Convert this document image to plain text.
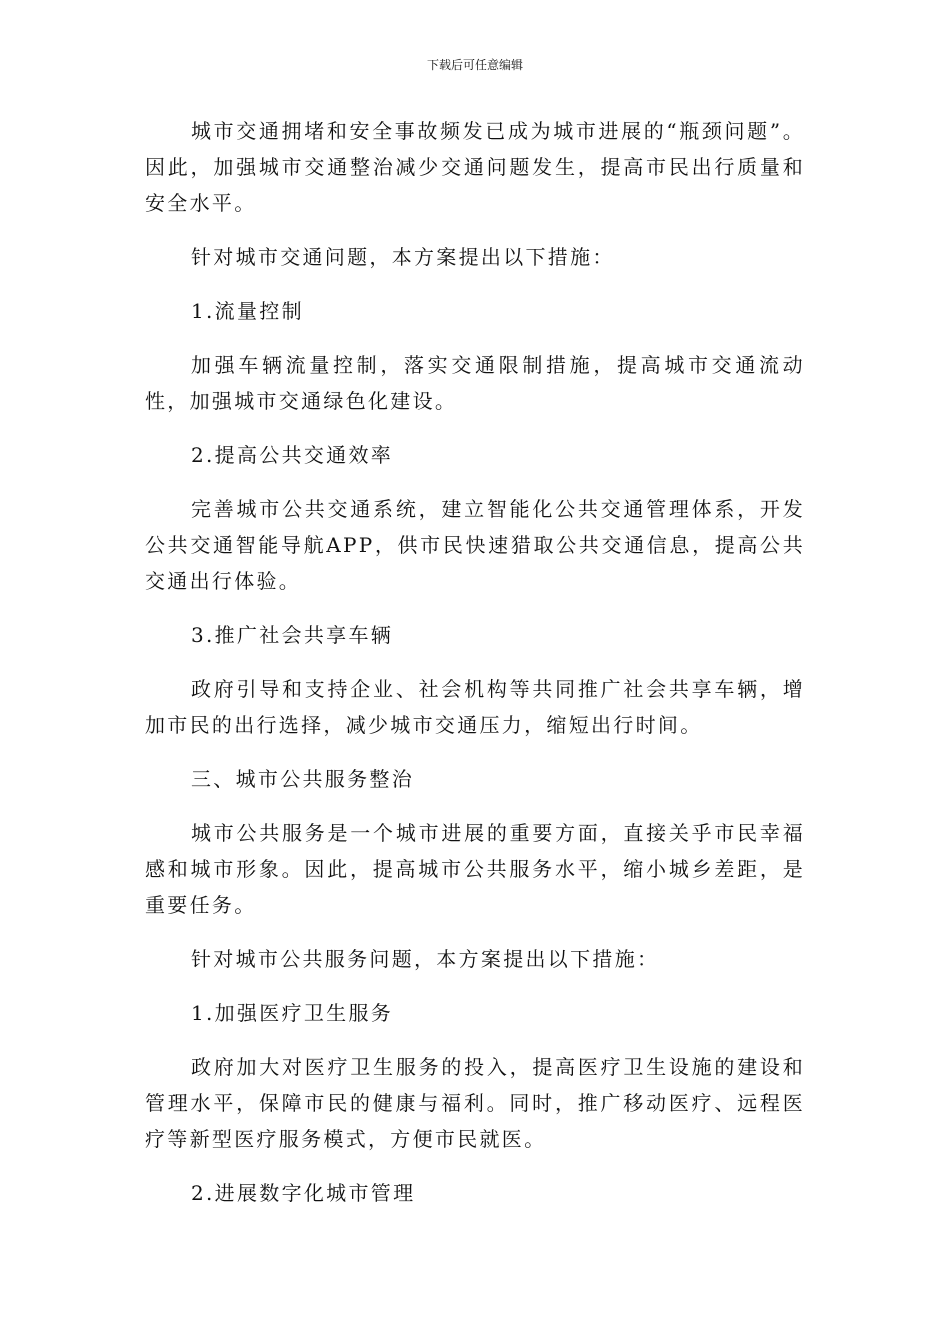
下载后可任意编辑

城市交通拥堵和安全事故频发已成为城市进展的“瓶颈问题”。因此，加强城市交通整治减少交通问题发生，提高市民出行质量和安全水平。

针对城市交通问题，本方案提出以下措施：

1.流量控制

加强车辆流量控制，落实交通限制措施，提高城市交通流动性，加强城市交通绿色化建设。

2.提高公共交通效率

完善城市公共交通系统，建立智能化公共交通管理体系，开发公共交通智能导航APP，供市民快速猎取公共交通信息，提高公共交通出行体验。

3.推广社会共享车辆

政府引导和支持企业、社会机构等共同推广社会共享车辆，增加市民的出行选择，减少城市交通压力，缩短出行时间。

三、城市公共服务整治

城市公共服务是一个城市进展的重要方面，直接关乎市民幸福感和城市形象。因此，提高城市公共服务水平，缩小城乡差距，是重要任务。

针对城市公共服务问题，本方案提出以下措施：

1.加强医疗卫生服务

政府加大对医疗卫生服务的投入，提高医疗卫生设施的建设和管理水平，保障市民的健康与福利。同时，推广移动医疗、远程医疗等新型医疗服务模式，方便市民就医。

2.进展数字化城市管理
